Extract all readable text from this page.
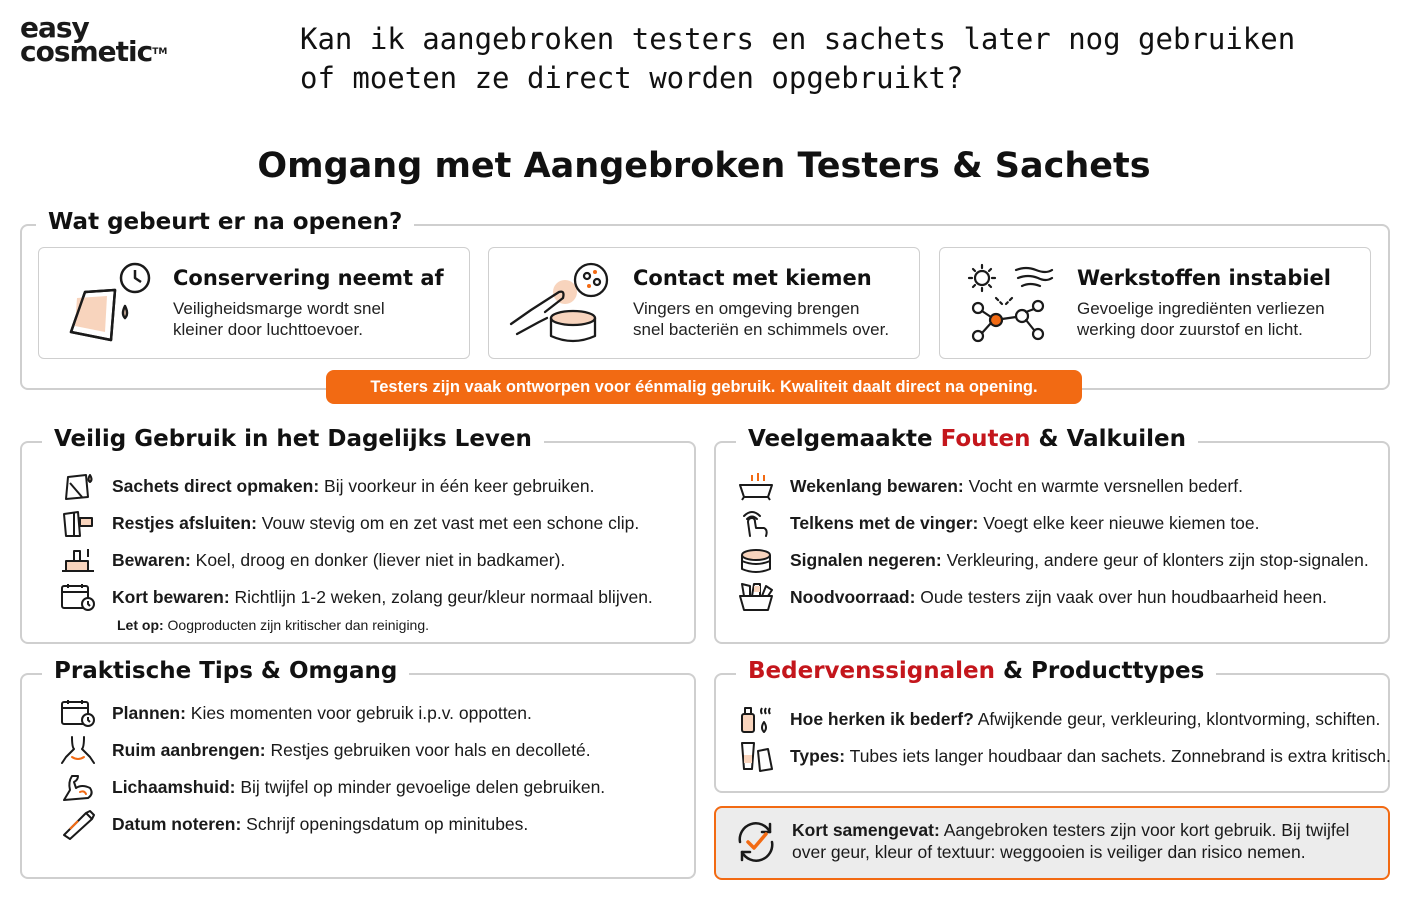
easy
cosmetic™	Kan ik aangebroken testers en sachets later nog gebruiken
of moeten ze direct worden opgebruikt?
Omgang met Aangebroken Testers & Sachets
Wat gebeurt er na openen?
Conservering neemt af
Veiligheidsmarge wordt snel
kleiner door luchttoevoer.
Contact met kiemen
Vingers en omgeving brengen
snel bacteriën en schimmels over.
Werkstoffen instabiel
Gevoelige ingrediënten verliezen
werking door zuurstof en licht.
Testers zijn vaak ontworpen voor éénmalig gebruik. Kwaliteit daalt direct na opening.
Veilig Gebruik in het Dagelijks Leven
Sachets direct opmaken: Bij voorkeur in één keer gebruiken.
Restjes afsluiten: Vouw stevig om en zet vast met een schone clip.
Bewaren: Koel, droog en donker (liever niet in badkamer).
Kort bewaren: Richtlijn 1-2 weken, zolang geur/kleur normaal blijven.
Let op: Oogproducten zijn kritischer dan reiniging.
Veelgemaakte Fouten & Valkuilen
Wekenlang bewaren: Vocht en warmte versnellen bederf.
Telkens met de vinger: Voegt elke keer nieuwe kiemen toe.
Signalen negeren: Verkleuring, andere geur of klonters zijn stop-signalen.
Noodvoorraad: Oude testers zijn vaak over hun houdbaarheid heen.
Praktische Tips & Omgang
Plannen: Kies momenten voor gebruik i.p.v. oppotten.
Ruim aanbrengen: Restjes gebruiken voor hals en decolleté.
Lichaamshuid: Bij twijfel op minder gevoelige delen gebruiken.
Datum noteren: Schrijf openingsdatum op minitubes.
Bedervenssignalen & Producttypes
Hoe herken ik bederf? Afwijkende geur, verkleuring, klontvorming, schiften.
Types: Tubes iets langer houdbaar dan sachets. Zonnebrand is extra kritisch.
Kort samengevat: Aangebroken testers zijn voor kort gebruik. Bij twijfel
over geur, kleur of textuur: weggooien is veiliger dan risico nemen.
